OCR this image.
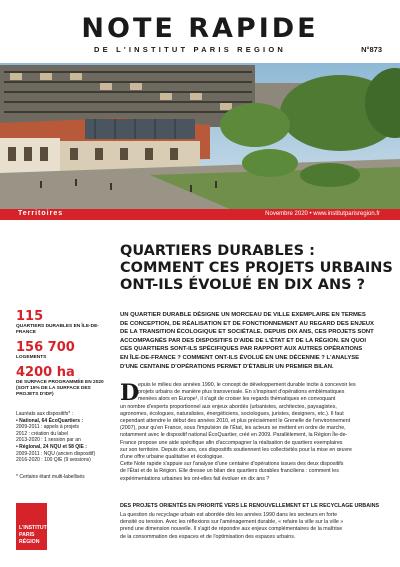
NOTE RAPIDE
DE L'INSTITUT PARIS REGION	N°873
Territoires	Novembre 2020 • www.institutparisregion.fr
QUARTIERS DURABLES :
COMMENT CES PROJETS URBAINS
ONT-ILS ÉVOLUÉ EN DIX ANS ?
UN QUARTIER DURABLE DÉSIGNE UN MORCEAU DE VILLE EXEMPLAIRE EN TERMES
DE CONCEPTION, DE RÉALISATION ET DE FONCTIONNEMENT AU REGARD DES ENJEUX
DE LA TRANSITION ÉCOLOGIQUE ET SOCIÉTALE. DEPUIS DIX ANS, CES PROJETS SONT
ACCOMPAGNÉS PAR DES DISPOSITIFS D'AIDE DE L'ÉTAT ET DE LA RÉGION. EN QUOI
CES QUARTIERS SONT-ILS SPÉCIFIQUES PAR RAPPORT AUX AUTRES OPÉRATIONS
EN ÎLE-DE-FRANCE ? COMMENT ONT-ILS ÉVOLUÉ EN UNE DÉCENNIE ? L'ANALYSE
D'UNE CENTAINE D'OPÉRATIONS PERMET D'ÉTABLIR UN PREMIER BILAN.
115
QUARTIERS DURABLES EN ÎLE-DE-FRANCE
156 700
LOGEMENTS
4200 ha
DE SURFACE PROGRAMMÉE EN 2020 (SOIT 15% DE LA SURFACE DES PROJETS D'IDF)
Lauréats aux dispositifs* :
• National, 64 ÉcoQuartiers :
2009-2011 : appels à projets
2012 : création du label
2013-2020 : 1 session par an
• Régional, 24 NQU et 58 QIE :
2009-2011 : NQU (ancien dispositif)
2016-2020 : 100 QIE (9 sessions)
* Certains étant multi-labellisés
L'INSTITUT
PARIS
RÉGION
D
epuis le milieu des années 1990, le concept de développement durable incite à concevoir les
projets urbains de manière plus transversale. En s'inspirant d'opérations emblématiques
menées alors en Europe¹, il s'agit de croiser les regards thématiques en convoquant
un nombre d'experts proportionnel aux enjeux abordés (urbanistes, architectes, paysagistes,
agronomes, écologues, naturalistes, énergéticiens, sociologues, juristes, designers, etc.). Il faut
cependant attendre le début des années 2010, et plus précisément le Grenelle de l'environnement
(2007), pour qu'en France, sous l'impulsion de l'État, les acteurs se mettent en ordre de marche,
notamment avec le dispositif national ÉcoQuartier, créé en 2009. Parallèlement, la Région Île-de-
France propose une aide spécifique afin d'accompagner la réalisation de quartiers exemplaires
sur son territoire. Depuis dix ans, ces dispositifs soutiennent les collectivités pour la mise en œuvre
d'une offre urbaine qualitative et écologique.
Cette Note rapide s'appuie sur l'analyse d'une centaine d'opérations issues des deux dispositifs
de l'État et de la Région. Elle dresse un bilan des quartiers durables franciliens : comment les
expérimentations urbaines les ont-elles fait évoluer en dix ans ?
DES PROJETS ORIENTÉS EN PRIORITÉ VERS LE RENOUVELLEMENT ET LE RECYCLAGE URBAINS
La question du recyclage urbain est abordée dès les années 1990 dans les secteurs en forte
densité ou tension. Avec les réflexions sur l'aménagement durable, « refaire la ville sur la ville »
prend une dimension nouvelle. Il s'agit de répondre aux enjeux complémentaires de la maîtrise
de la consommation des espaces et de l'optimisation des espaces urbains.
